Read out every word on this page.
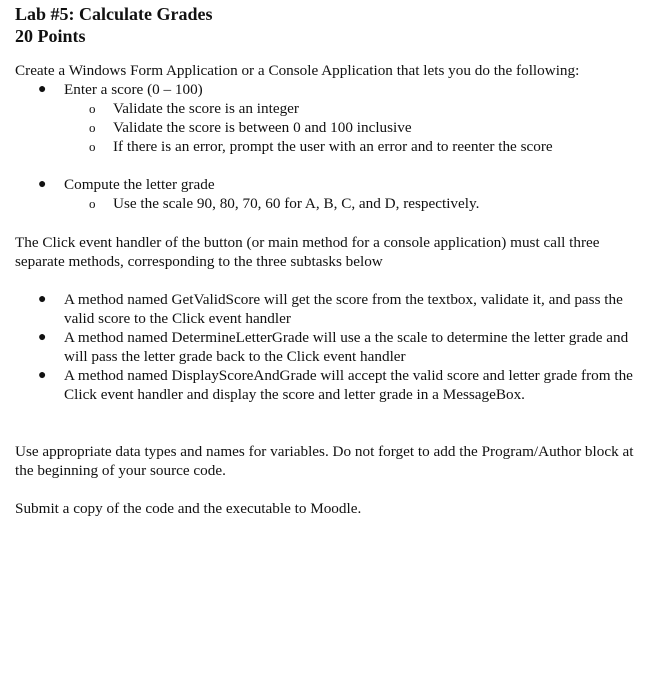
Lab #5: Calculate Grades
20 Points

Create a Windows Form Application or a Console Application that lets you do the following:

● Enter a score (0 – 100)
o Validate the score is an integer
o Validate the score is between 0 and 100 inclusive
o If there is an error, prompt the user with an error and to reenter the score
● Compute the letter grade
o Use the scale 90, 80, 70, 60 for A, B, C, and D, respectively.

The Click event handler of the button (or main method for a console application) must call three separate methods, corresponding to the three subtasks below

● A method named GetValidScore will get the score from the textbox, validate it, and pass the valid score to the Click event handler
● A method named DetermineLetterGrade will use a the scale to determine the letter grade and will pass the letter grade back to the Click event handler
● A method named DisplayScoreAndGrade will accept the valid score and letter grade from the Click event handler and display the score and letter grade in a MessageBox.

Use appropriate data types and names for variables. Do not forget to add the Program/Author block at the beginning of your source code.

Submit a copy of the code and the executable to Moodle.
